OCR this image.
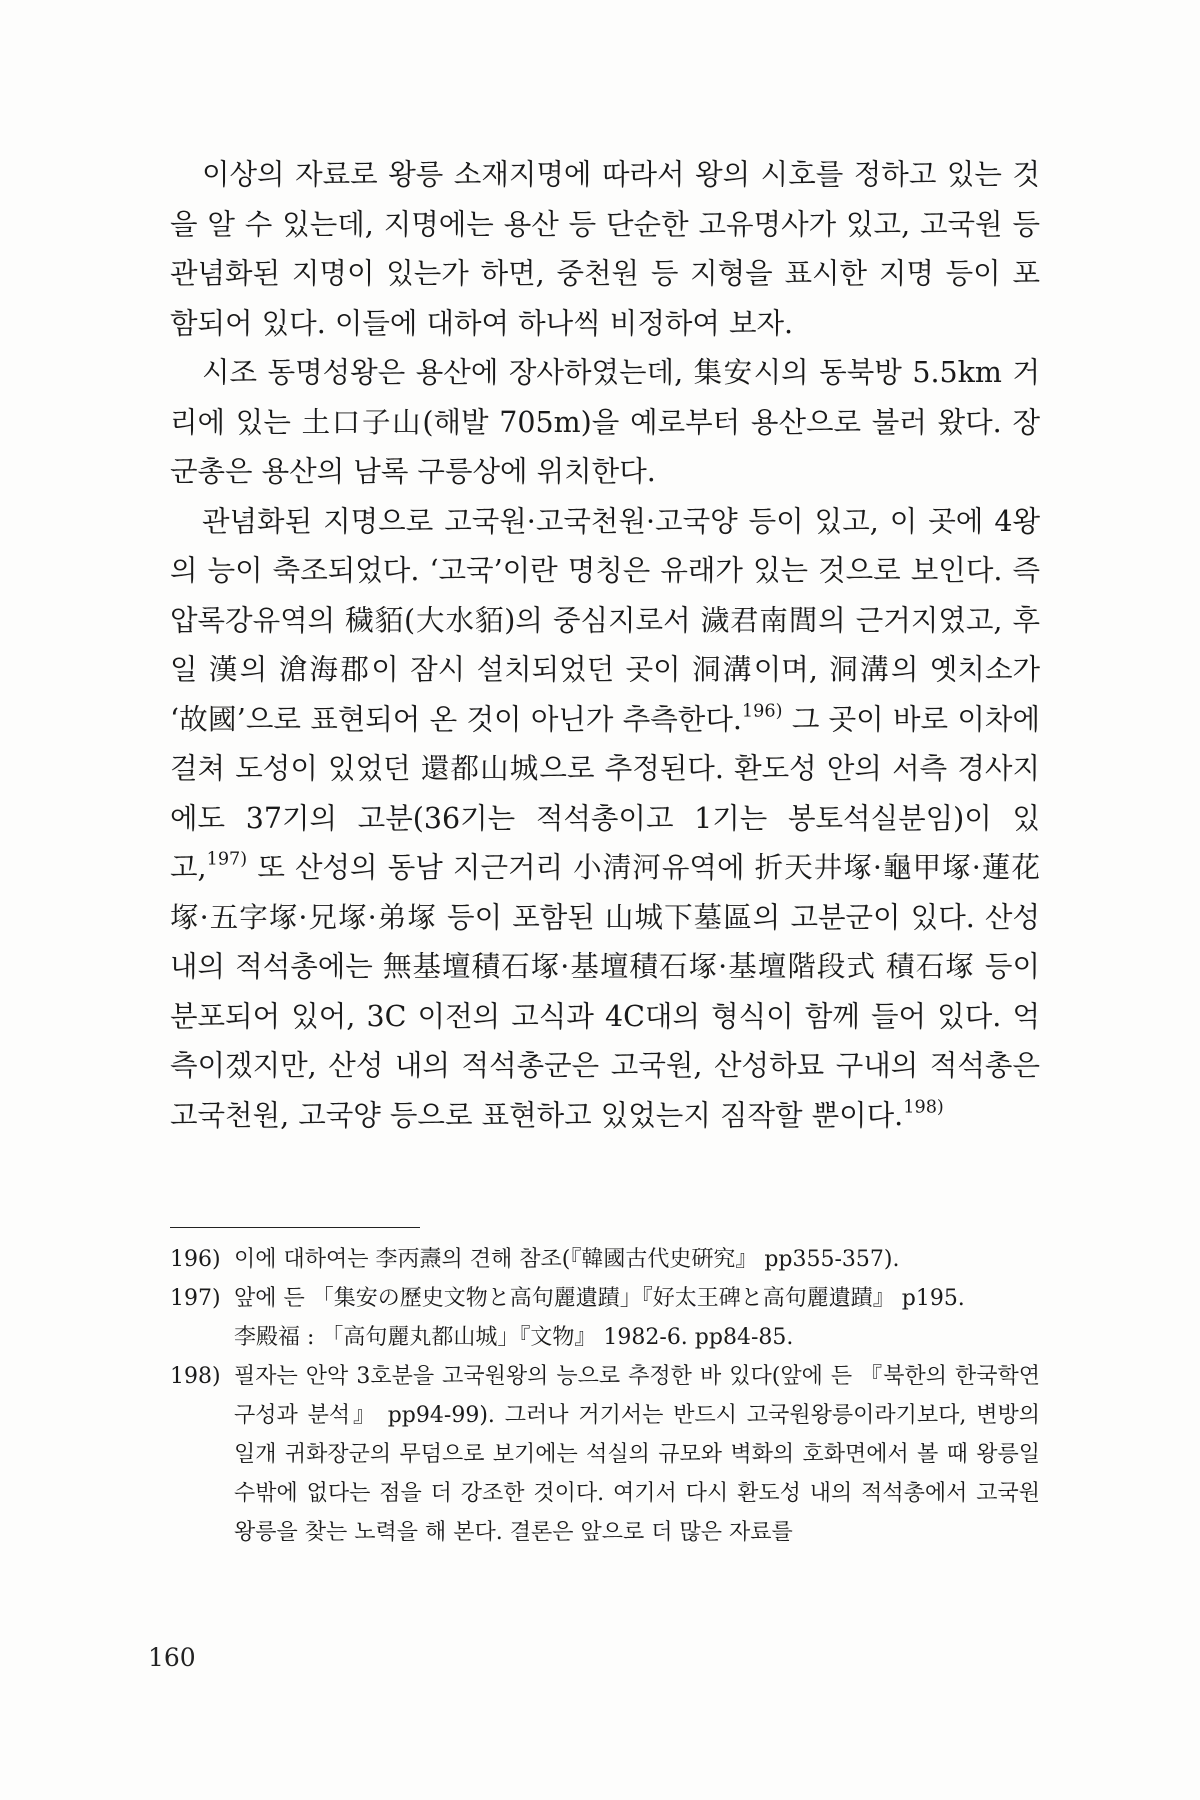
이상의 자료로 왕릉 소재지명에 따라서 왕의 시호를 정하고 있는 것을 알 수 있는데, 지명에는 용산 등 단순한 고유명사가 있고, 고국원 등 관념화된 지명이 있는가 하면, 중천원 등 지형을 표시한 지명 등이 포함되어 있다. 이들에 대하여 하나씩 비정하여 보자.

시조 동명성왕은 용산에 장사하였는데, 集安시의 동북방 5.5km 거리에 있는 土口子山(해발 705m)을 예로부터 용산으로 불러 왔다. 장군총은 용산의 남록 구릉상에 위치한다.

관념화된 지명으로 고국원·고국천원·고국양 등이 있고, 이 곳에 4왕의 능이 축조되었다. ‘고국’이란 명칭은 유래가 있는 것으로 보인다. 즉 압록강유역의 穢貊(大水貊)의 중심지로서 濊君南閭의 근거지였고, 후일 漢의 滄海郡이 잠시 설치되었던 곳이 洞溝이며, 洞溝의 옛치소가 ‘故國’으로 표현되어 온 것이 아닌가 추측한다.$^{196)}$ 그 곳이 바로 이차에 걸쳐 도성이 있었던 還都山城으로 추정된다. 환도성 안의 서측 경사지에도 37기의 고분(36기는 적석총이고 1기는 봉토석실분임)이 있고,$^{197)}$ 또 산성의 동남 지근거리 小淸河유역에 折天井塚·龜甲塚·蓮花塚·五字塚·兄塚·弟塚 등이 포함된 山城下墓區의 고분군이 있다. 산성 내의 적석총에는 無基壇積石塚·基壇積石塚·基壇階段式 積石塚 등이 분포되어 있어, 3C 이전의 고식과 4C대의 형식이 함께 들어 있다. 억측이겠지만, 산성 내의 적석총군은 고국원, 산성하묘 구내의 적석총은 고국천원, 고국양 등으로 표현하고 있었는지 짐작할 뿐이다.$^{198)}$

196) 이에 대하여는 李丙燾의 견해 참조(『韓國古代史硏究』 pp355-357).
197) 앞에 든 「集安の歷史文物と高句麗遺蹟」『好太王碑と高句麗遺蹟』 p195.
李殿福 : 「高句麗丸都山城」『文物』 1982-6. pp84-85.
198) 필자는 안악 3호분을 고국원왕의 능으로 추정한 바 있다(앞에 든 『북한의 한국학연구성과 분석』 pp94-99). 그러나 거기서는 반드시 고국원왕릉이라기보다, 변방의 일개 귀화장군의 무덤으로 보기에는 석실의 규모와 벽화의 호화면에서 볼 때 왕릉일 수밖에 없다는 점을 더 강조한 것이다. 여기서 다시 환도성 내의 적석총에서 고국원왕릉을 찾는 노력을 해 본다. 결론은 앞으로 더 많은 자료를
160
